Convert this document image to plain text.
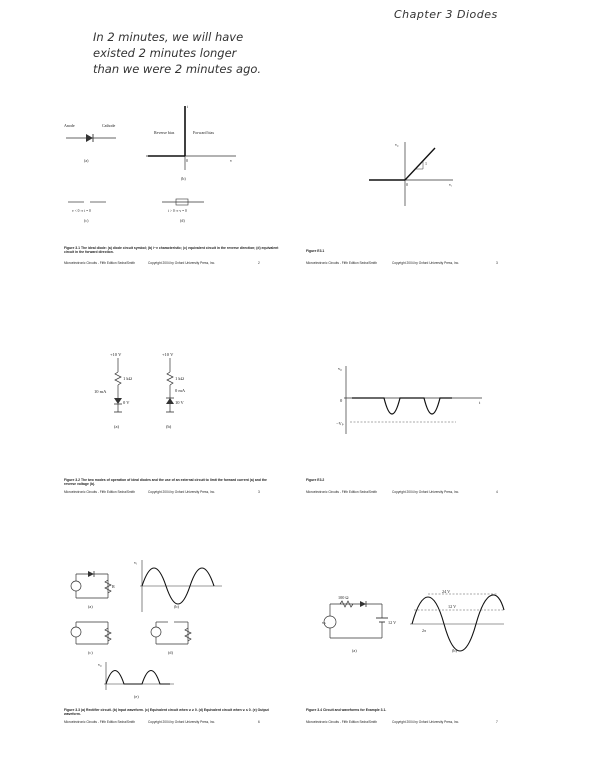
Chapter 3 Diodes
In 2 minutes, we will have
existed 2 minutes longer
than we were 2 minutes ago.
Anode	Cathode
(a)
Reverse bias	Forward bias
i
v
0
(b)
v < 0 ⇒ i = 0
(c)
i > 0 ⇒ v = 0
(d)
Figure 3.1 The ideal diode: (a) diode circuit symbol; (b) i−v characteristic; (c) equivalent circuit in the reverse direction; (d) equivalent circuit in the forward direction.
Microelectronic Circuits - Fifth Edition Sedra/Smith	Copyright 2004 by Oxford University Press, Inc.	2
1
v₀
vᵢ
0
Figure E3.1
Microelectronic Circuits - Fifth Edition Sedra/Smith	Copyright 2004 by Oxford University Press, Inc.	3
+10 V
1 kΩ
10 mA
0 V
(a)
+10 V
1 kΩ
0 mA
10 V
(b)
Figure 3.2 The two modes of operation of ideal diodes and the use of an external circuit to limit the forward current (a) and the reverse voltage (b).
Microelectronic Circuits - Fifth Edition Sedra/Smith	Copyright 2004 by Oxford University Press, Inc.	3
v₀
0
−Vₚ
t
Figure E3.2
Microelectronic Circuits - Fifth Edition Sedra/Smith	Copyright 2004 by Oxford University Press, Inc.	4
R
(a)
vᵢ
(b)
(c)	(d)
v₀
(e)
Figure 3.3 (a) Rectifier circuit. (b) Input waveform. (c) Equivalent circuit when vᵢ ≥ 0. (d) Equivalent circuit when vᵢ ≤ 0. (e) Output waveform.
Microelectronic Circuits - Fifth Edition Sedra/Smith	Copyright 2004 by Oxford University Press, Inc.	6
100 Ω
12 V
vs
(a)
24 V
12 V
2π
(b)
Figure 3.4 Circuit and waveforms for Example 3.1.
Microelectronic Circuits - Fifth Edition Sedra/Smith	Copyright 2004 by Oxford University Press, Inc.	7
